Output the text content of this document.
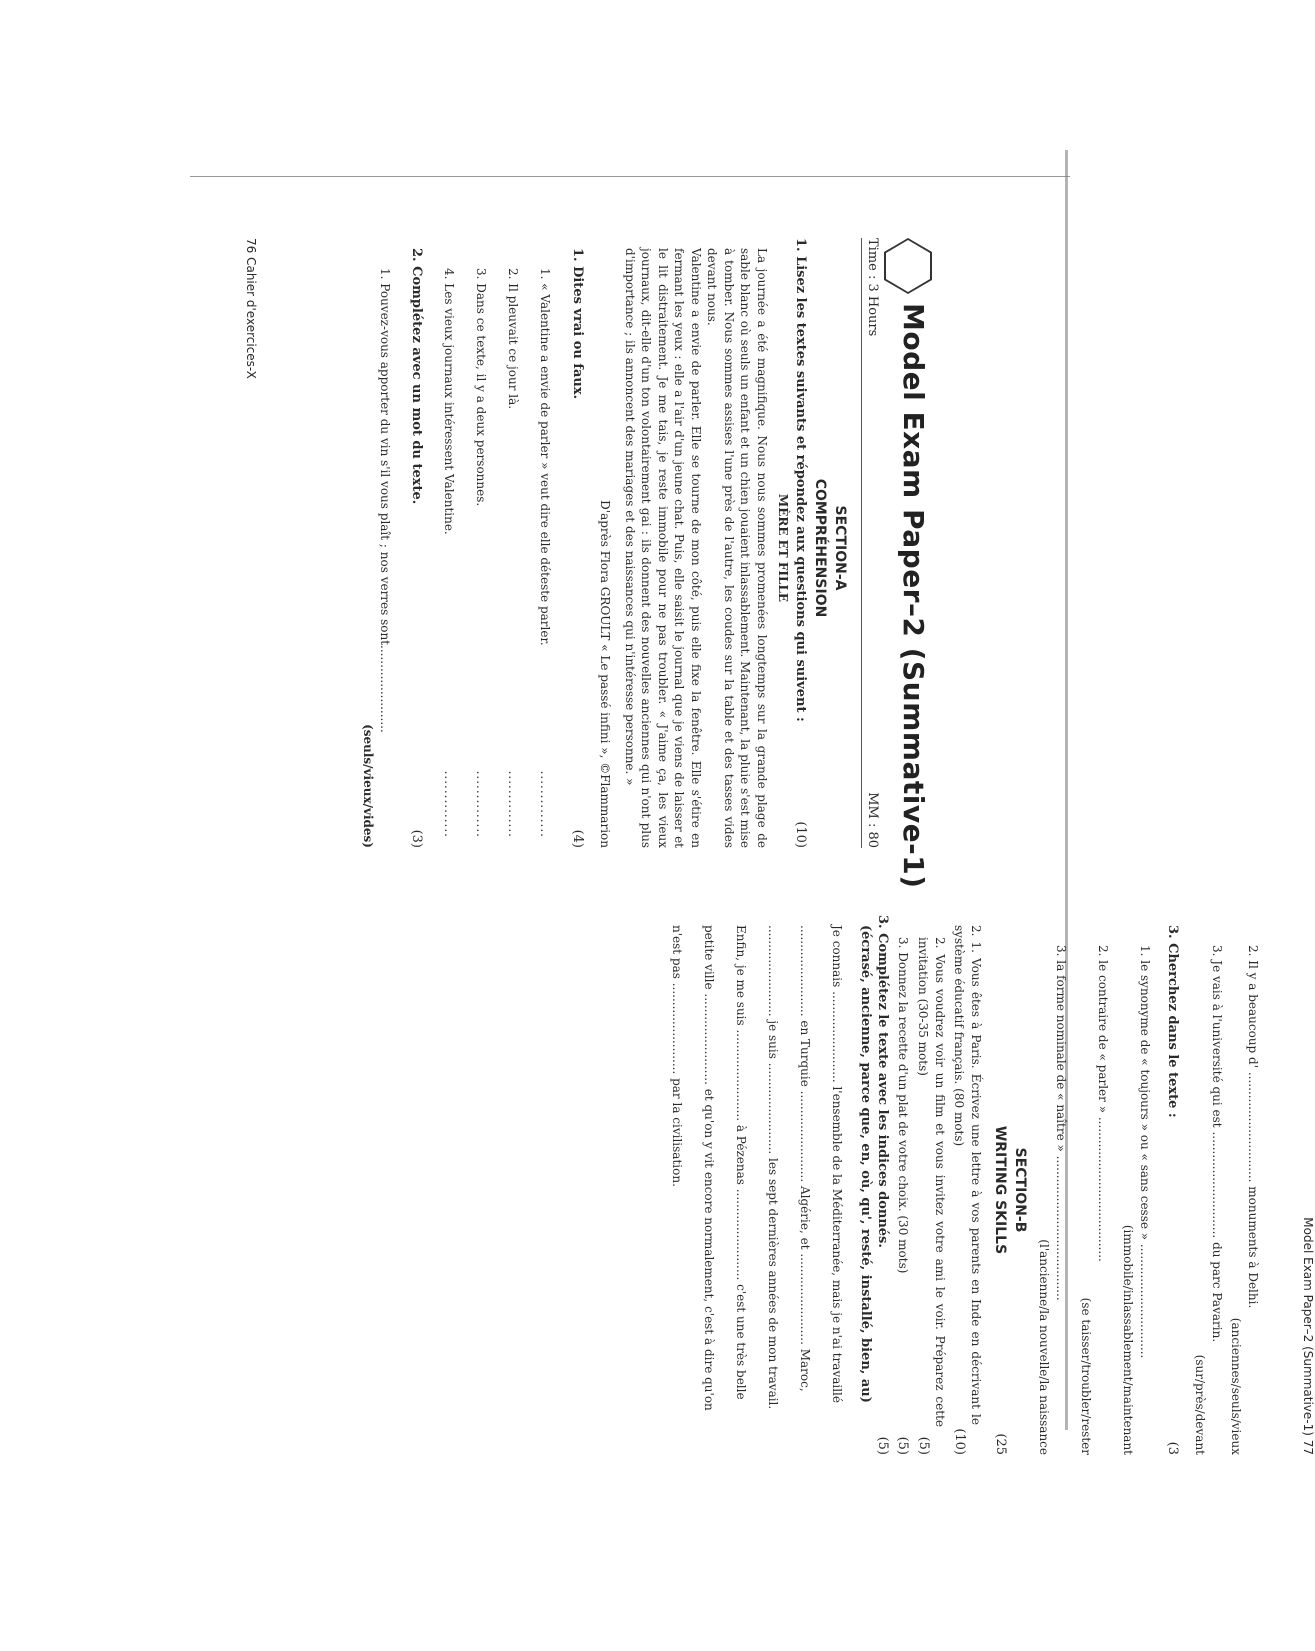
Model Exam Paper–2 (Summative-1)
Time : 3 Hours
MM : 80
SECTION-A
COMPRÉHENSION
1. Lisez les textes suivants et répondez aux questions qui suivent :
(10)
MÈRE ET FILLE
La journée a été magnifique. Nous nous sommes promenées longtemps sur la grande plage de sable blanc où seuls un enfant et un chien jouaient inlassablement. Maintenant, la pluie s'est mise à tomber. Nous sommes assises l'une près de l'autre, les coudes sur la table et des tasses vides devant nous.
Valentine a envie de parler. Elle se tourne de mon côté, puis elle fixe la fenêtre. Elle s'étire en fermant les yeux : elle a l'air d'un jeune chat. Puis, elle saisit le journal que je viens de laisser et le lit distraitement. Je me tais, je reste immobile pour ne pas troubler. « J'aime ça, les vieux journaux, dit-elle d'un ton volontairement gai : ils donnent des nouvelles anciennes qui n'ont plus d'importance ; ils annoncent des mariages et des naissances qui n'intéresse personne. »
D'après Flora GROULT « Le passé infini », ©Flammarion
1. Dites vrai ou faux.
(4)
1. « Valentine a envie de parler » veut dire elle déteste parler.
..............
2. Il pleuvait ce jour là.
..............
3. Dans ce texte, il y a deux personnes.
..............
4. Les vieux journaux intéressent Valentine.
..............
2. Complétez avec un mot du texte.
(3)
1. Pouvez-vous apporter du vin s'il vous plaît ; nos verres sont.......................
(seuls/vieux/vides)
76 Cahier d'exercices-X
2. Il y a beaucoup d' ............................. monuments à Delhi.
(anciennes/seuls/vieux
3. Je vais à l'université qui est ............................ du parc Pavarin.
(sur/près/devant
3. Cherchez dans le texte :
(3
1. le synonyme de « toujours » ou « sans cesse » ..............................
(immobile/inlassablement/maintenant
2. le contraire de « parler » ......................................
(se taisser/troubler/rester
3. la forme nominale de « naître » ......................................
(l'ancienne/la nouvelle/la naissance
SECTION-B
WRITING SKILLS
(25
2. 1. Vous êtes à Paris. Écrivez une lettre à vos parents en Inde en décrivant le système éducatif français. (80 mots)
(10)
2. Vous voudrez voir un film et vous invitez votre ami le voir. Préparez cette invitation (30-35 mots)
(5)
3. Donnez la recette d'un plat de votre choix. (30 mots)
(5)
3. Complétez le texte avec les indices donnés.
(5)
(écrasé, ancienne, parce que, en, où, qu', resté, installé, bien, au)
Je connais ........................ l'ensemble de la Méditerranée, mais je n'ai travaillé
........................ en Turquie ........................ Algérie, et ........................ Maroc,
........................ je suis ........................ les sept dernières années de mon travail.
Enfin, je me suis ........................ à Pézenas ........................ c'est une très belle
petite ville ........................ et qu'on y vit encore normalement, c'est à dire qu'on
n'est pas ........................ par la civilisation.
Model Exam Paper–2 (Summative-1) 77
